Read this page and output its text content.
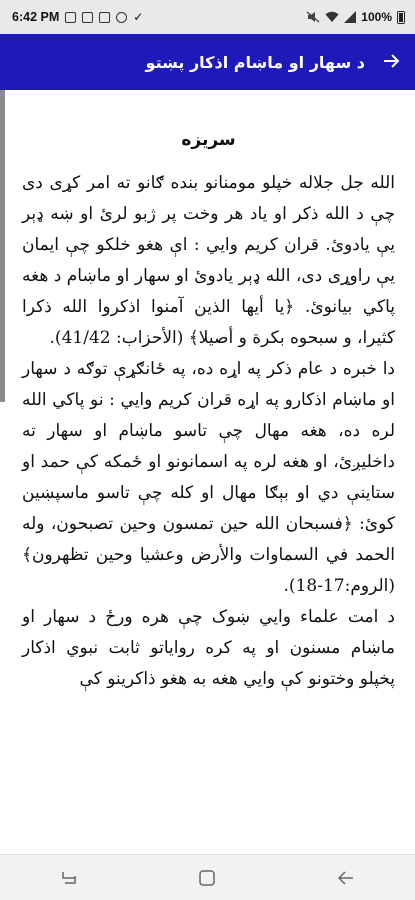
6:42 PM	✓	100%
د سهار او ماښام اذکار پښتو
سریزه

الله جل جلاله خپلو مومنانو بنده ګانو ته امر کړی دی چې د الله ذکر او یاد هر وخت پر ژبو لرئ او ښه ډېر یې یادوئ. قران کریم وایي : اې هغو خلکو چې ایمان یې راوړی دی، الله ډېر یادوئ او سهار او ماښام د هغه پاکي بیانوئ. ﴿یا أیها الذین آمنوا اذکروا الله ذکرا کثیرا، و سبحوه بکرة و أصیلا﴾ (الأحزاب: 41/42).

دا خبره د عام ذکر په اړه ده، په ځانګړې توګه د سهار او ماښام اذکارو په اړه قران کریم وایي : نو پاکي الله لره ده، هغه مهال چې تاسو ماښام او سهار ته داخلیږئ، او هغه لره په اسمانونو او ځمکه کې حمد او ستاینې دي او بېګا مهال او کله چې تاسو ماسپښین کوئ: ﴿فسبحان الله حین تمسون وحین تصبحون، وله الحمد في السماوات والأرض وعشیا وحین تظهرون﴾ (الروم:17-18).

د امت علماء وایي ښوک چې هره ورځ د سهار او ماښام مسنون او په کره روایاتو ثابت نبوي اذکار پخپلو وختونو کې وایي هغه به هغو ذاکرینو کې
